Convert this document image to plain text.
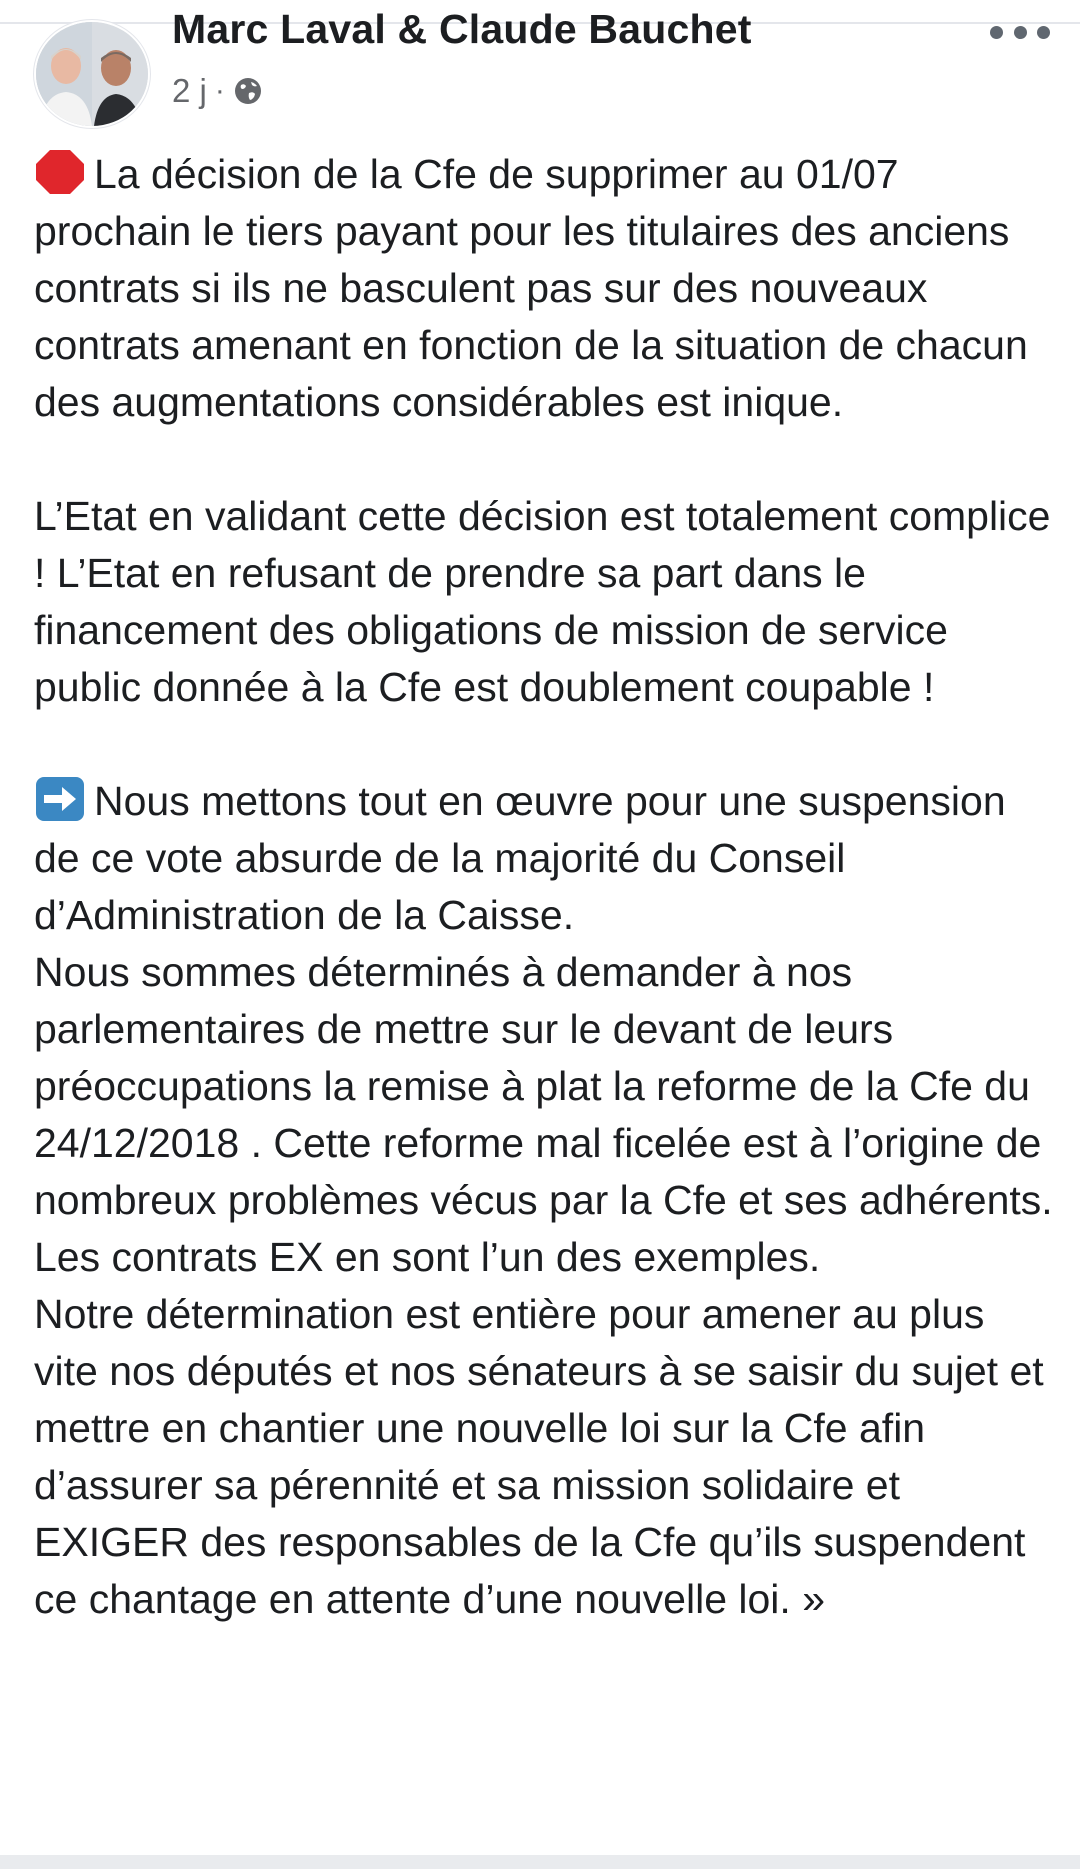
Marc Laval & Claude Bauchet
2 j ·

La décision de la Cfe de supprimer au 01/07 prochain le tiers payant pour les titulaires des anciens contrats si ils ne basculent pas sur des nouveaux contrats amenant en fonction de la situation de chacun des augmentations considérables est inique.

L’Etat en validant cette décision est totalement complice ! L’Etat en refusant de prendre sa part dans le financement des obligations de mission de service public donnée à la Cfe est doublement coupable !

Nous mettons tout en œuvre pour une suspension de ce vote absurde de la majorité du Conseil d’Administration de la Caisse.
Nous sommes déterminés à demander à nos parlementaires de mettre sur le devant de leurs préoccupations la remise à plat la reforme de la Cfe du 24/12/2018 . Cette reforme mal ficelée est à l’origine de nombreux problèmes vécus par la Cfe et ses adhérents.
Les contrats EX en sont l’un des exemples.
Notre détermination est entière pour amener au plus vite nos députés et nos sénateurs à se saisir du sujet et mettre en chantier une nouvelle loi sur la Cfe afin d’assurer sa pérennité et sa mission solidaire et EXIGER des responsables de la Cfe qu’ils suspendent ce chantage en attente d’une nouvelle loi. »
